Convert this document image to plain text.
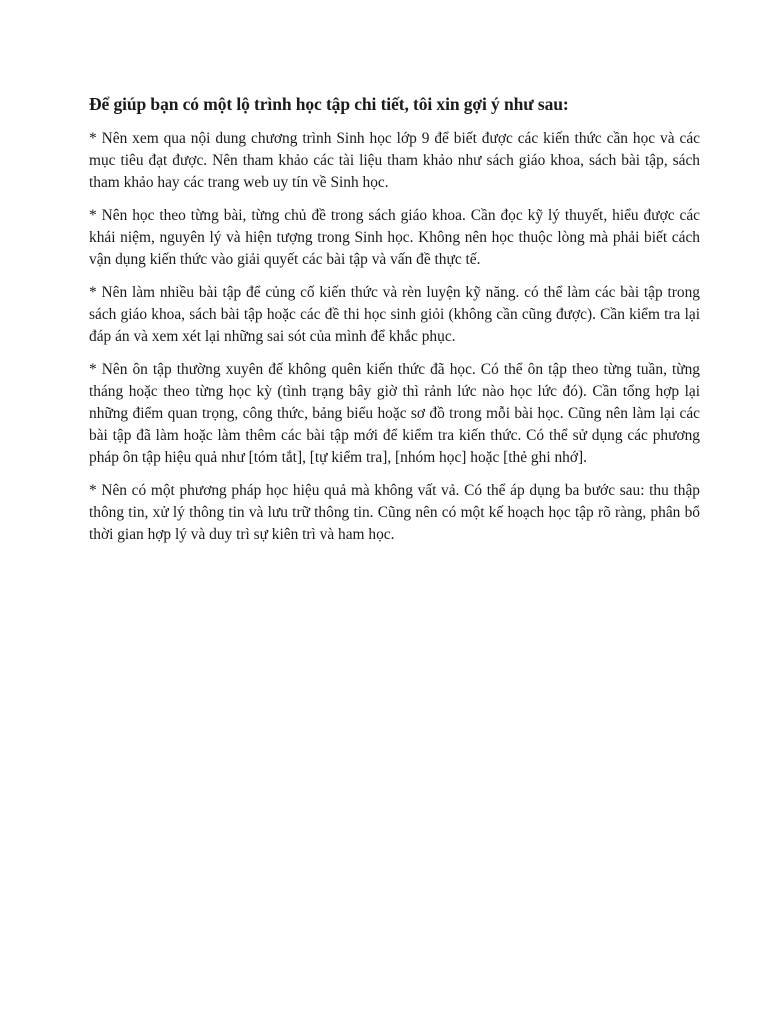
Để giúp bạn có một lộ trình học tập chi tiết, tôi xin gợi ý như sau:

* Nên xem qua nội dung chương trình Sinh học lớp 9 để biết được các kiến thức cần học và các mục tiêu đạt được. Nên tham khảo các tài liệu tham khảo như sách giáo khoa, sách bài tập, sách tham khảo hay các trang web uy tín về Sinh học.

* Nên học theo từng bài, từng chủ đề trong sách giáo khoa. Cần đọc kỹ lý thuyết, hiểu được các khái niệm, nguyên lý và hiện tượng trong Sinh học. Không nên học thuộc lòng mà phải biết cách vận dụng kiến thức vào giải quyết các bài tập và vấn đề thực tế.

* Nên làm nhiều bài tập để củng cố kiến thức và rèn luyện kỹ năng. có thể làm các bài tập trong sách giáo khoa, sách bài tập hoặc các đề thi học sinh giỏi (không cần cũng được). Cần kiểm tra lại đáp án và xem xét lại những sai sót của mình để khắc phục.

* Nên ôn tập thường xuyên để không quên kiến thức đã học. Có thể ôn tập theo từng tuần, từng tháng hoặc theo từng học kỳ (tình trạng bây giờ thì rảnh lức nào học lức đó). Cần tổng hợp lại những điểm quan trọng, công thức, bảng biểu hoặc sơ đồ trong mỗi bài học. Cũng nên làm lại các bài tập đã làm hoặc làm thêm các bài tập mới để kiểm tra kiến thức. Có thể sử dụng các phương pháp ôn tập hiệu quả như [tóm tắt], [tự kiểm tra], [nhóm học] hoặc [thẻ ghi nhớ].

* Nên có một phương pháp học hiệu quả mà không vất vả. Có thể áp dụng ba bước sau: thu thập thông tin, xử lý thông tin và lưu trữ thông tin. Cũng nên có một kế hoạch học tập rõ ràng, phân bổ thời gian hợp lý và duy trì sự kiên trì và ham học.
